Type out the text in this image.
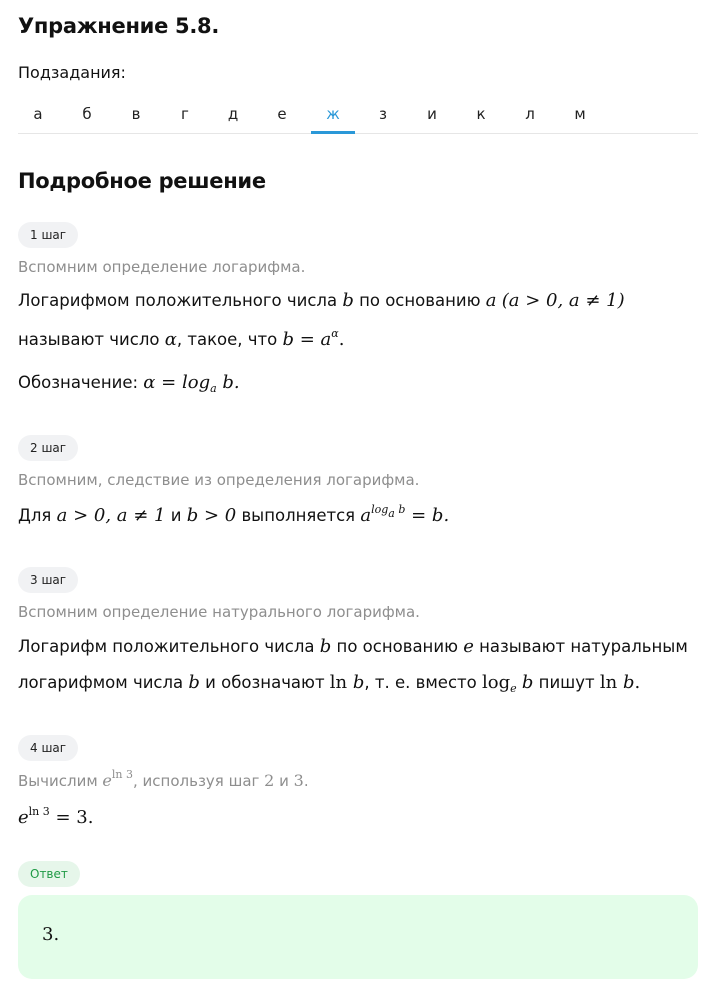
Упражнение 5.8.
Подзадания:
а	б	в	г	д	е	ж	з	и	к	л	м
Подробное решение
1 шаг
Вспомним определение логарифма.
Логарифмом положительного числа b по основанию a (a > 0, a ≠ 1)
называют число α, такое, что $b = a^\alpha$.
Обозначение: $\alpha = \log_a b$.
2 шаг
Вспомним, следствие из определения логарифма.
Для a > 0, a ≠ 1 и b > 0 выполняется $a^{log_a b} = b$.
3 шаг
Вспомним определение натурального логарифма.
Логарифм положительного числа b по основанию e называют натуральным
логарифмом числа b и обозначают ln b, т. е. вместо $\log_e b$ пишут ln b.
4 шаг
Вычислим $e^{ln 3}$, используя шаг 2 и 3.
$e^{ln 3} = 3$.
Ответ
3.
